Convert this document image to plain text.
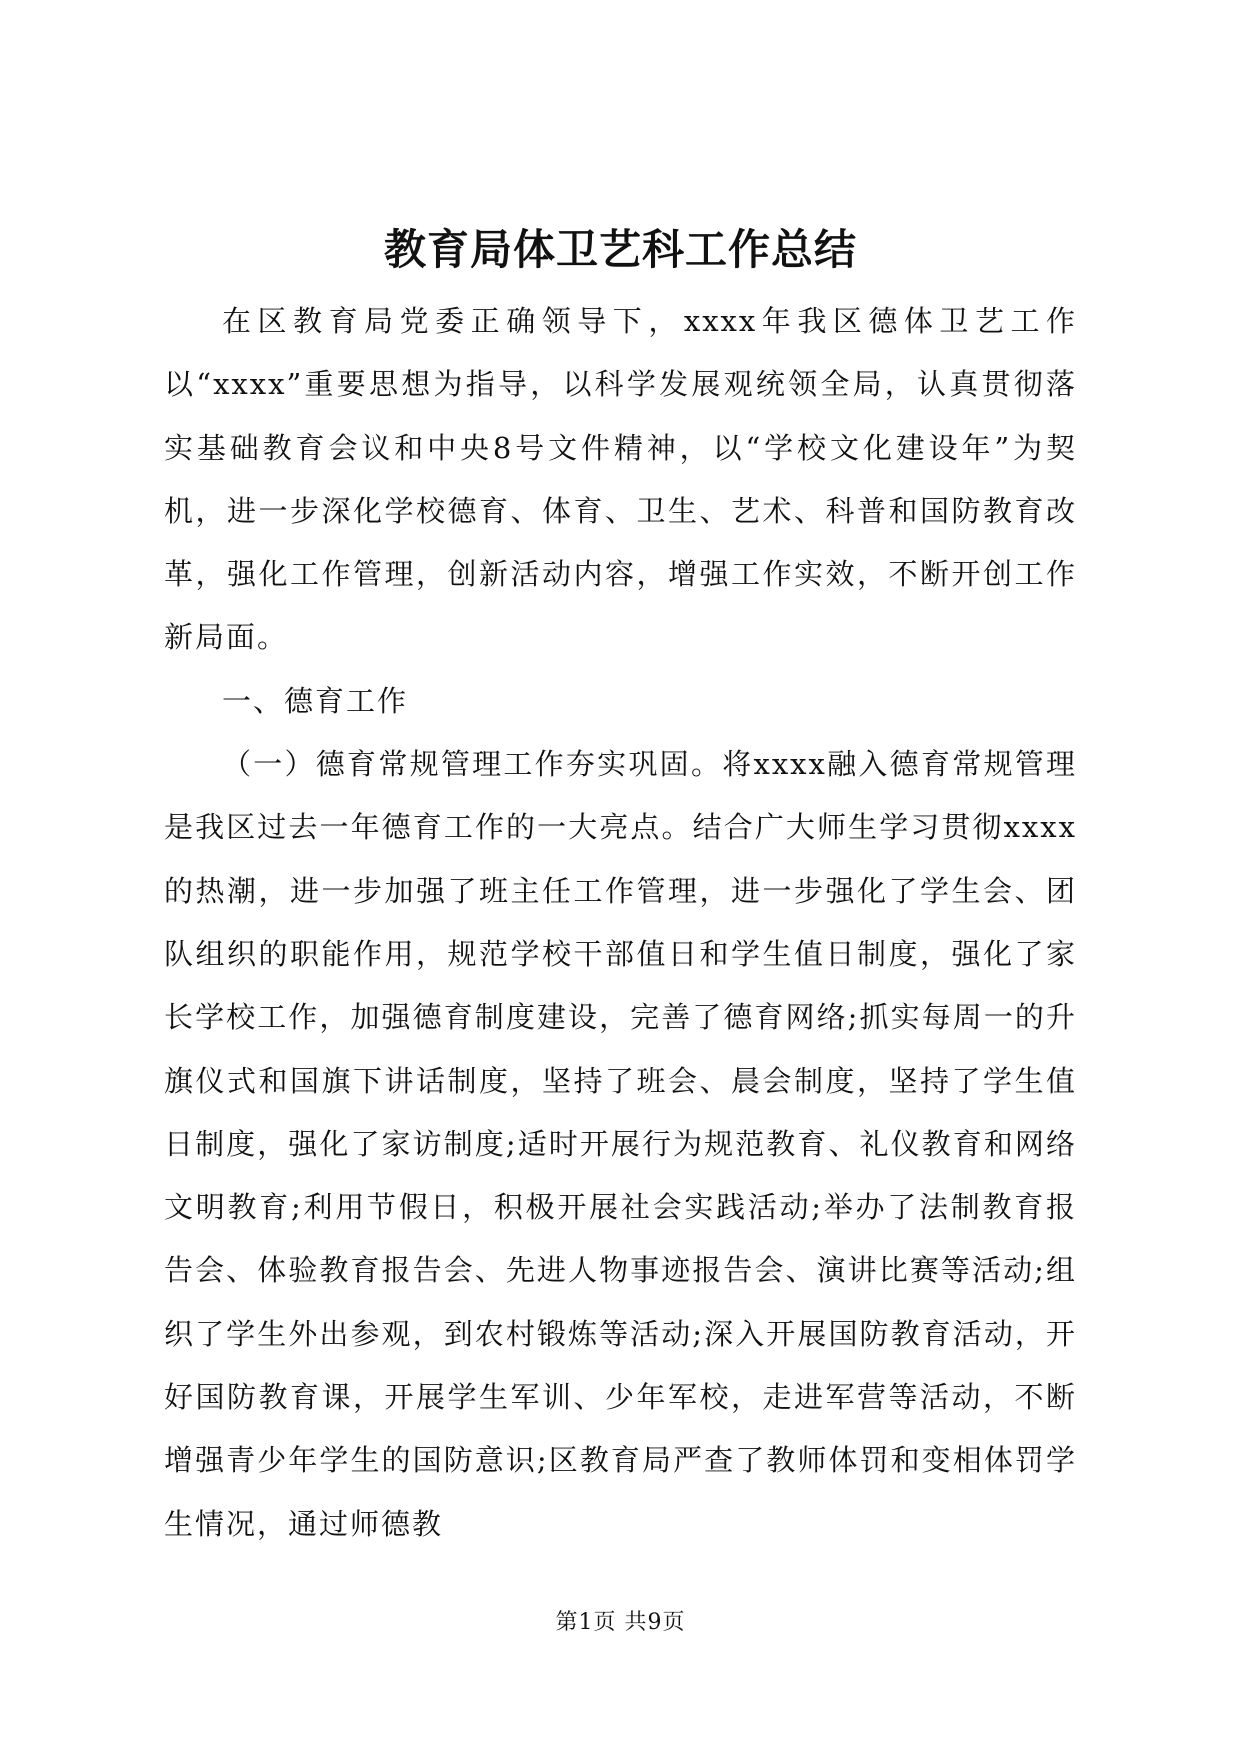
教育局体卫艺科工作总结

在区教育局党委正确领导下，xxxx年我区德体卫艺工作以“xxxx”重要思想为指导，以科学发展观统领全局，认真贯彻落实基础教育会议和中央8号文件精神，以“学校文化建设年”为契机，进一步深化学校德育、体育、卫生、艺术、科普和国防教育改革，强化工作管理，创新活动内容，增强工作实效，不断开创工作新局面。

一、德育工作

（一）德育常规管理工作夯实巩固。将xxxx融入德育常规管理是我区过去一年德育工作的一大亮点。结合广大师生学习贯彻xxxx的热潮，进一步加强了班主任工作管理，进一步强化了学生会、团队组织的职能作用，规范学校干部值日和学生值日制度，强化了家长学校工作，加强德育制度建设，完善了德育网络;抓实每周一的升旗仪式和国旗下讲话制度，坚持了班会、晨会制度，坚持了学生值日制度，强化了家访制度;适时开展行为规范教育、礼仪教育和网络文明教育;利用节假日，积极开展社会实践活动;举办了法制教育报告会、体验教育报告会、先进人物事迹报告会、演讲比赛等活动;组织了学生外出参观，到农村锻炼等活动;深入开展国防教育活动，开好国防教育课，开展学生军训、少年军校，走进军营等活动，不断增强青少年学生的国防意识;区教育局严查了教师体罚和变相体罚学生情况，通过师德教

第1页 共9页
